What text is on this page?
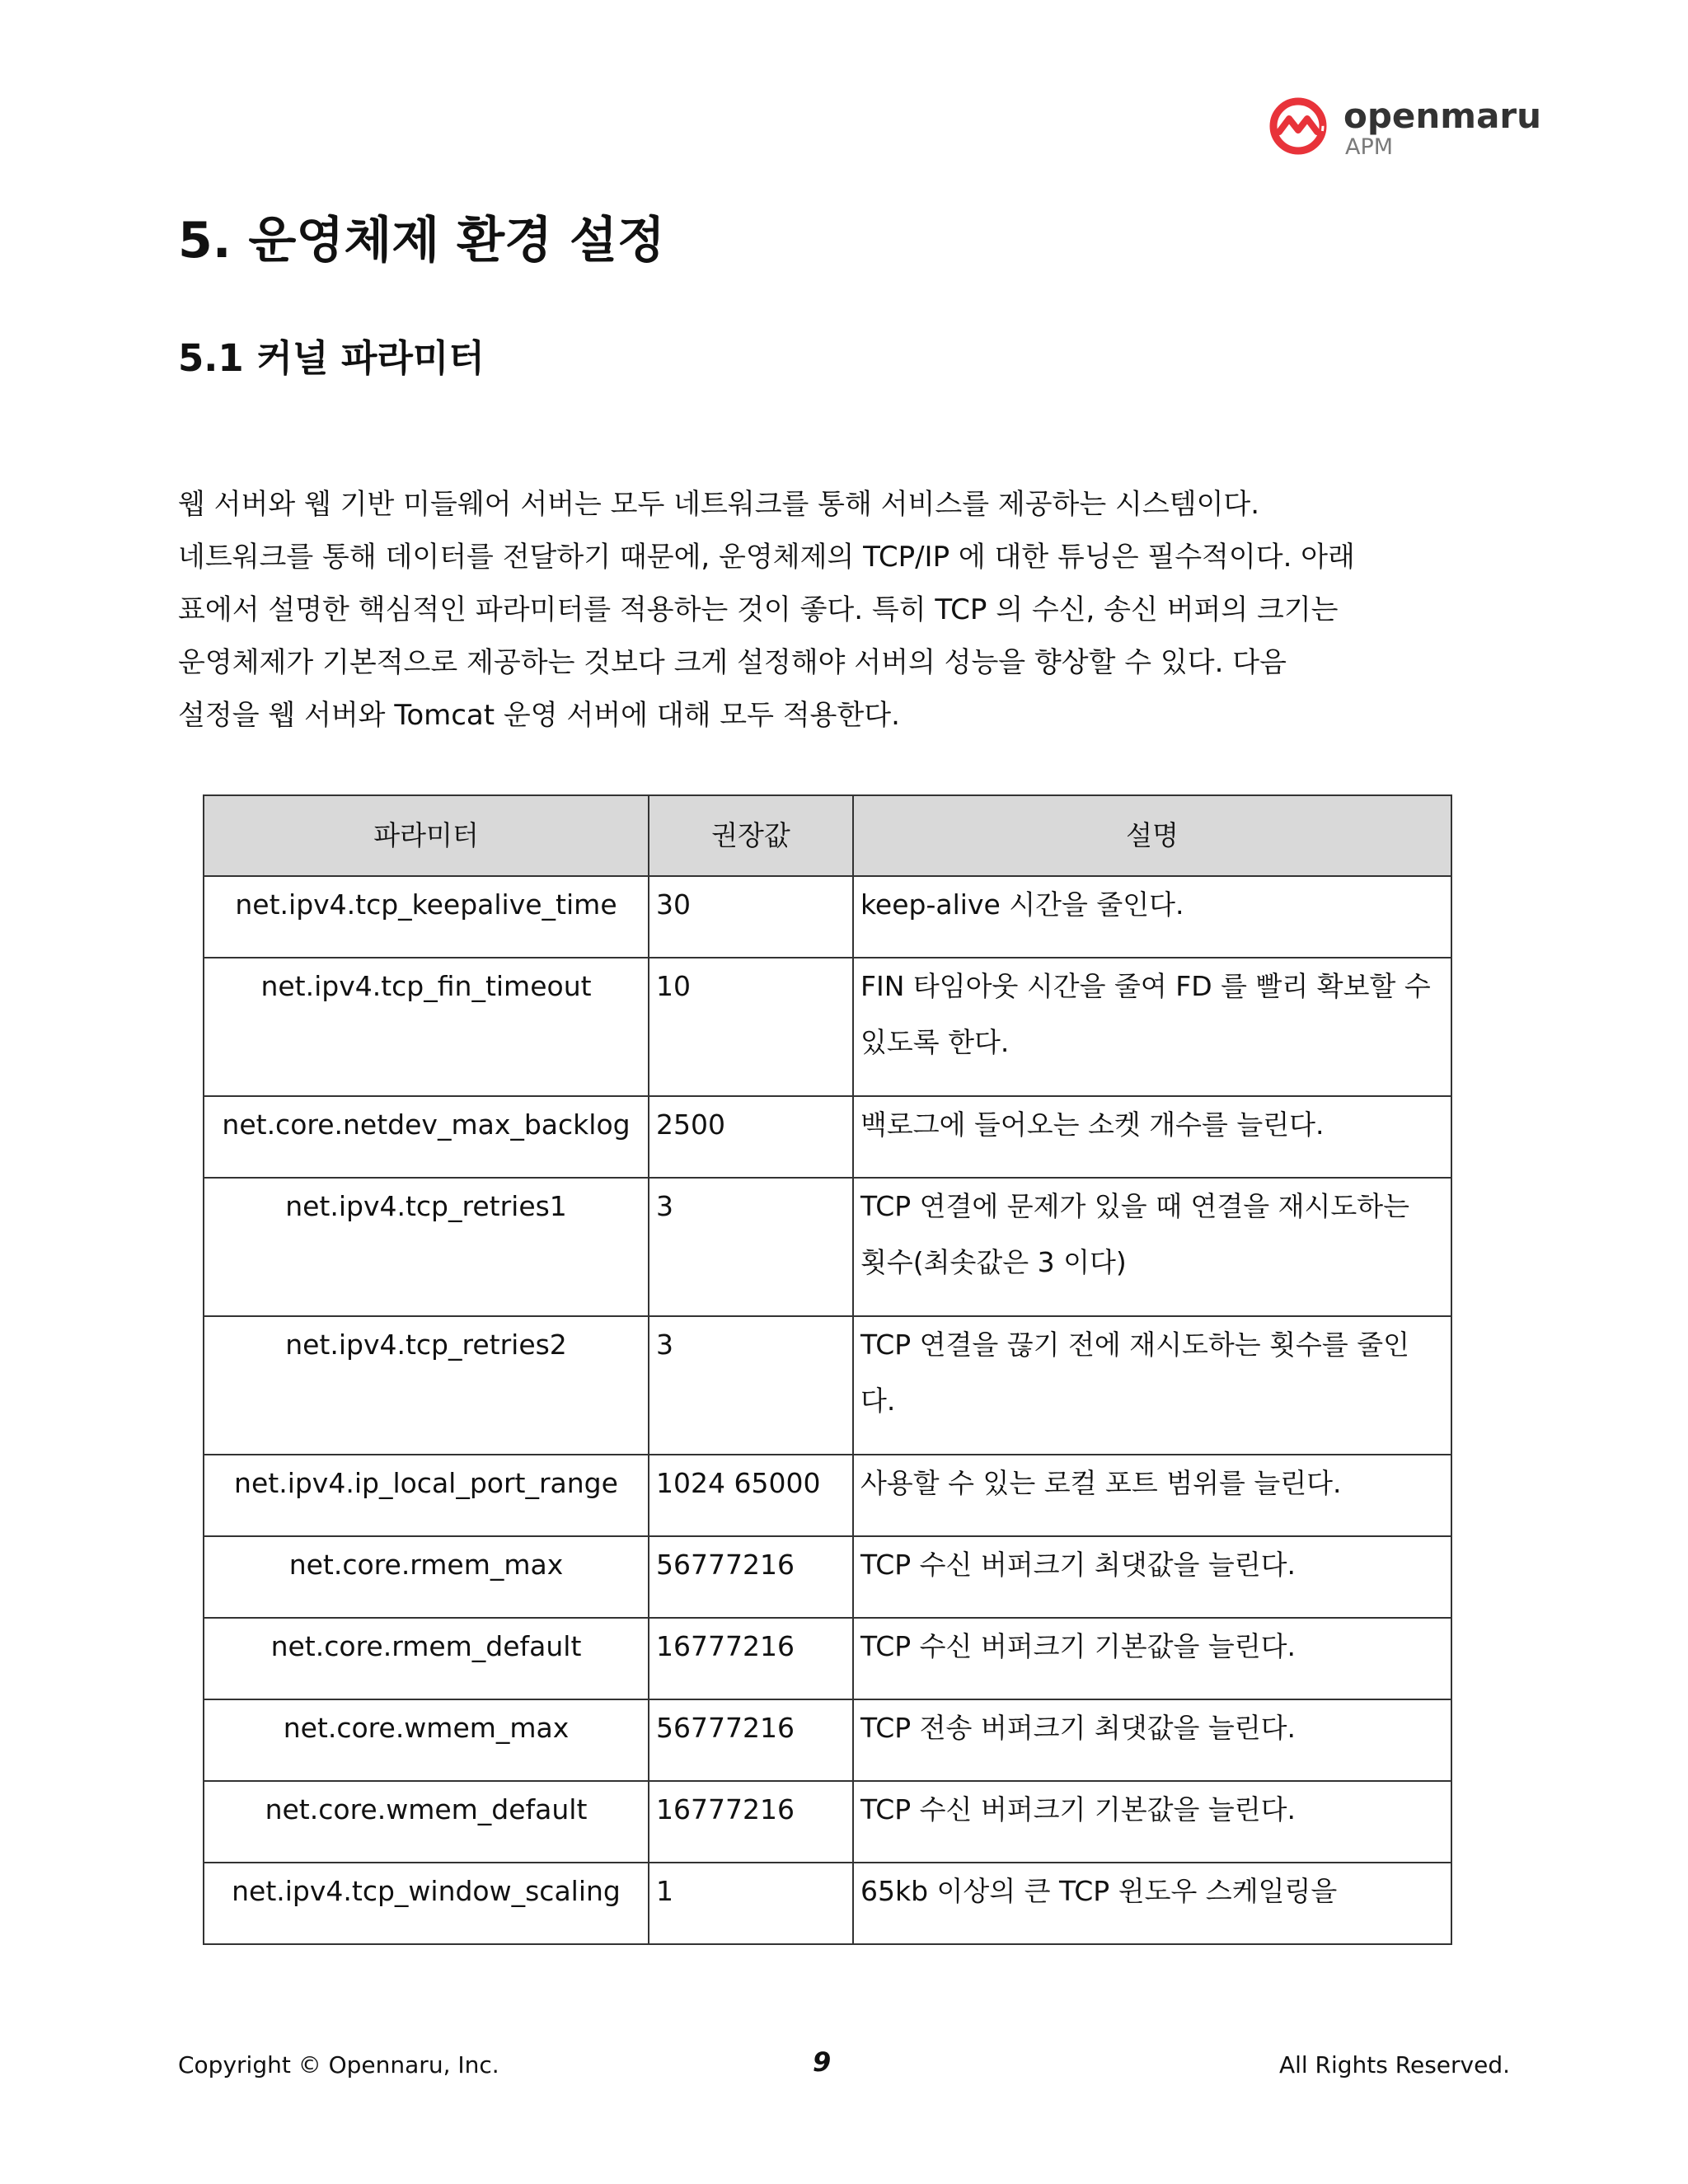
openmaru
APM
5. 운영체제 환경 설정
5.1 커널 파라미터

웹 서버와 웹 기반 미들웨어 서버는 모두 네트워크를 통해 서비스를 제공하는 시스템이다.
네트워크를 통해 데이터를 전달하기 때문에, 운영체제의 TCP/IP 에 대한 튜닝은 필수적이다. 아래
표에서 설명한 핵심적인 파라미터를 적용하는 것이 좋다. 특히 TCP 의 수신, 송신 버퍼의 크기는
운영체제가 기본적으로 제공하는 것보다 크게 설정해야 서버의 성능을 향상할 수 있다. 다음
설정을 웹 서버와 Tomcat 운영 서버에 대해 모두 적용한다.

파라미터	권장값	설명
net.ipv4.tcp_keepalive_time	30	keep-alive 시간을 줄인다.
net.ipv4.tcp_fin_timeout	10	FIN 타임아웃 시간을 줄여 FD 를 빨리 확보할 수 있도록 한다.
net.core.netdev_max_backlog	2500	백로그에 들어오는 소켓 개수를 늘린다.
net.ipv4.tcp_retries1	3	TCP 연결에 문제가 있을 때 연결을 재시도하는 횟수(최솟값은 3 이다)
net.ipv4.tcp_retries2	3	TCP 연결을 끊기 전에 재시도하는 횟수를 줄인다.
net.ipv4.ip_local_port_range	1024 65000	사용할 수 있는 로컬 포트 범위를 늘린다.
net.core.rmem_max	56777216	TCP 수신 버퍼크기 최댓값을 늘린다.
net.core.rmem_default	16777216	TCP 수신 버퍼크기 기본값을 늘린다.
net.core.wmem_max	56777216	TCP 전송 버퍼크기 최댓값을 늘린다.
net.core.wmem_default	16777216	TCP 수신 버퍼크기 기본값을 늘린다.
net.ipv4.tcp_window_scaling	1	65kb 이상의 큰 TCP 윈도우 스케일링을
Copyright © Opennaru, Inc.	9	All Rights Reserved.
